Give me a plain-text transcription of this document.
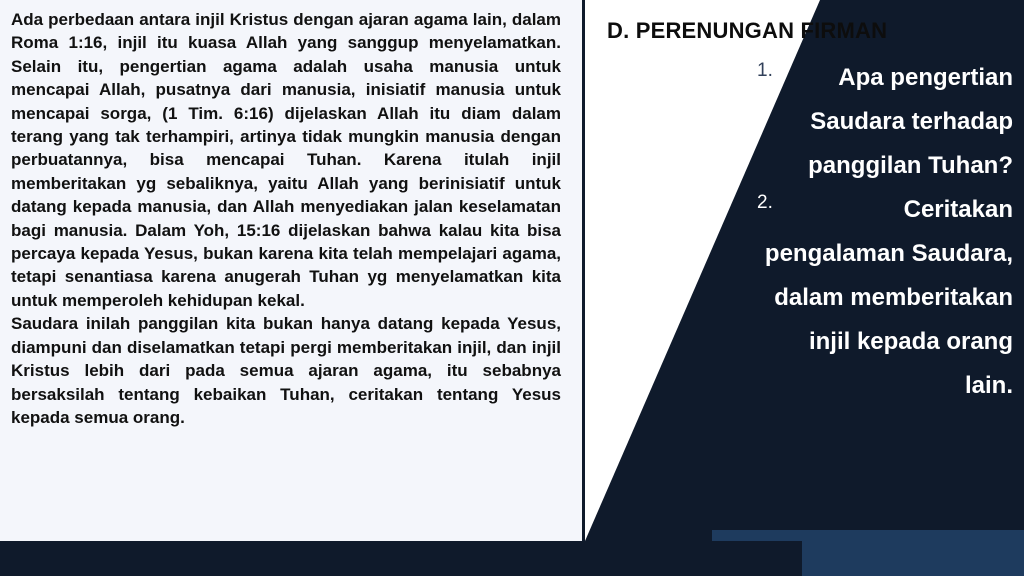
Ada perbedaan antara injil Kristus dengan ajaran agama lain, dalam Roma 1:16, injil itu kuasa Allah yang sanggup menyelamatkan. Selain itu, pengertian agama adalah usaha manusia untuk mencapai Allah, pusatnya dari manusia, inisiatif manusia untuk mencapai sorga, (1 Tim. 6:16) dijelaskan Allah itu diam dalam terang yang tak terhampiri, artinya tidak mungkin manusia dengan perbuatannya, bisa mencapai Tuhan. Karena itulah injil memberitakan yg sebaliknya, yaitu Allah yang berinisiatif untuk datang kepada manusia, dan Allah menyediakan jalan keselamatan bagi manusia. Dalam Yoh, 15:16 dijelaskan bahwa kalau kita bisa percaya kepada Yesus, bukan karena kita telah mempelajari agama, tetapi senantiasa karena anugerah Tuhan yg menyelamatkan kita untuk memperoleh kehidupan kekal.

Saudara inilah panggilan kita bukan hanya datang kepada Yesus, diampuni dan diselamatkan tetapi pergi memberitakan injil, dan injil Kristus lebih dari pada semua ajaran agama, itu sebabnya bersaksilah tentang kebaikan Tuhan, ceritakan tentang Yesus kepada semua orang.

D. PERENUNGAN FIRMAN
1.	Apa pengertian Saudara terhadap panggilan Tuhan?
2.	Ceritakan pengalaman Saudara, dalam memberitakan injil kepada orang lain.
